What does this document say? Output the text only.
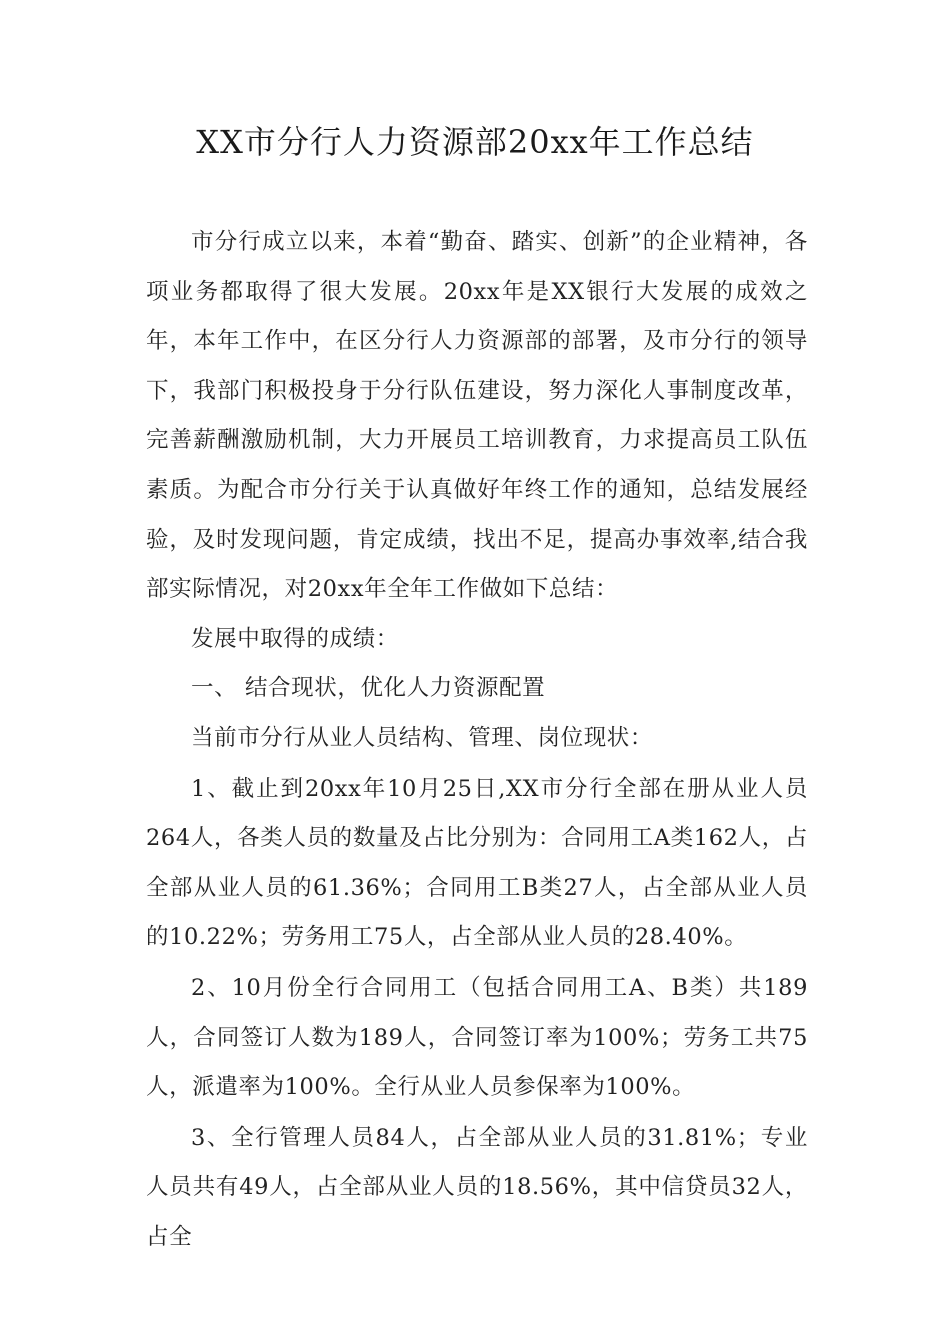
XX市分行人力资源部20xx年工作总结

市分行成立以来，本着“勤奋、踏实、创新”的企业精神，各项业务都取得了很大发展。20xx年是XX银行大发展的成效之年，本年工作中，在区分行人力资源部的部署，及市分行的领导下，我部门积极投身于分行队伍建设，努力深化人事制度改革，完善薪酬激励机制，大力开展员工培训教育，力求提高员工队伍素质。为配合市分行关于认真做好年终工作的通知，总结发展经验，及时发现问题，肯定成绩，找出不足，提高办事效率,结合我部实际情况，对20xx年全年工作做如下总结：

发展中取得的成绩：

一、 结合现状，优化人力资源配置

当前市分行从业人员结构、管理、岗位现状：

1、截止到20xx年10月25日,XX市分行全部在册从业人员264人，各类人员的数量及占比分别为：合同用工A类162人，占全部从业人员的61.36%；合同用工B类27人，占全部从业人员的10.22%；劳务用工75人，占全部从业人员的28.40%。

2、10月份全行合同用工（包括合同用工A、B类）共189人，合同签订人数为189人，合同签订率为100%；劳务工共75人，派遣率为100%。全行从业人员参保率为100%。

3、全行管理人员84人，占全部从业人员的31.81%；专业人员共有49人，占全部从业人员的18.56%，其中信贷员32人，占全
